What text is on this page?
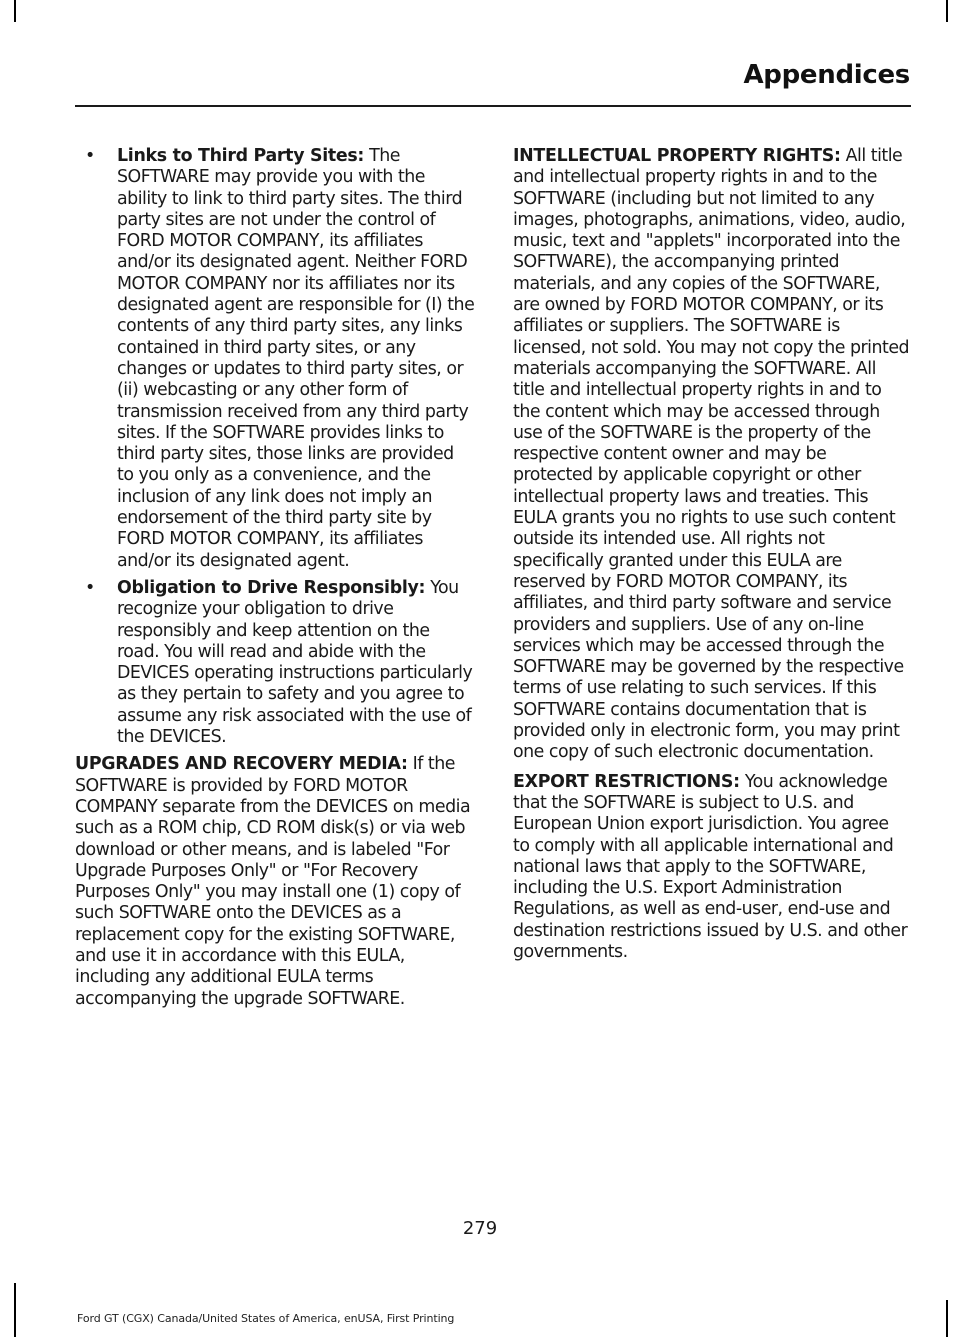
Appendices
• Links to Third Party Sites: The SOFTWARE may provide you with the ability to link to third party sites. The third party sites are not under the control of FORD MOTOR COMPANY, its affiliates and/or its designated agent. Neither FORD MOTOR COMPANY nor its affiliates nor its designated agent are responsible for (I) the contents of any third party sites, any links contained in third party sites, or any changes or updates to third party sites, or (ii) webcasting or any other form of transmission received from any third party sites. If the SOFTWARE provides links to third party sites, those links are provided to you only as a convenience, and the inclusion of any link does not imply an endorsement of the third party site by FORD MOTOR COMPANY, its affiliates and/or its designated agent.
• Obligation to Drive Responsibly: You recognize your obligation to drive responsibly and keep attention on the road. You will read and abide with the DEVICES operating instructions particularly as they pertain to safety and you agree to assume any risk associated with the use of the DEVICES.

UPGRADES AND RECOVERY MEDIA: If the SOFTWARE is provided by FORD MOTOR COMPANY separate from the DEVICES on media such as a ROM chip, CD ROM disk(s) or via web download or other means, and is labeled "For Upgrade Purposes Only" or "For Recovery Purposes Only" you may install one (1) copy of such SOFTWARE onto the DEVICES as a replacement copy for the existing SOFTWARE, and use it in accordance with this EULA, including any additional EULA terms accompanying the upgrade SOFTWARE.

INTELLECTUAL PROPERTY RIGHTS: All title and intellectual property rights in and to the SOFTWARE (including but not limited to any images, photographs, animations, video, audio, music, text and "applets" incorporated into the SOFTWARE), the accompanying printed materials, and any copies of the SOFTWARE, are owned by FORD MOTOR COMPANY, or its affiliates or suppliers. The SOFTWARE is licensed, not sold. You may not copy the printed materials accompanying the SOFTWARE. All title and intellectual property rights in and to the content which may be accessed through use of the SOFTWARE is the property of the respective content owner and may be protected by applicable copyright or other intellectual property laws and treaties. This EULA grants you no rights to use such content outside its intended use. All rights not specifically granted under this EULA are reserved by FORD MOTOR COMPANY, its affiliates, and third party software and service providers and suppliers. Use of any on-line services which may be accessed through the SOFTWARE may be governed by the respective terms of use relating to such services. If this SOFTWARE contains documentation that is provided only in electronic form, you may print one copy of such electronic documentation.

EXPORT RESTRICTIONS: You acknowledge that the SOFTWARE is subject to U.S. and European Union export jurisdiction. You agree to comply with all applicable international and national laws that apply to the SOFTWARE, including the U.S. Export Administration Regulations, as well as end-user, end-use and destination restrictions issued by U.S. and other governments.

279
Ford GT (CGX) Canada/United States of America, enUSA, First Printing
